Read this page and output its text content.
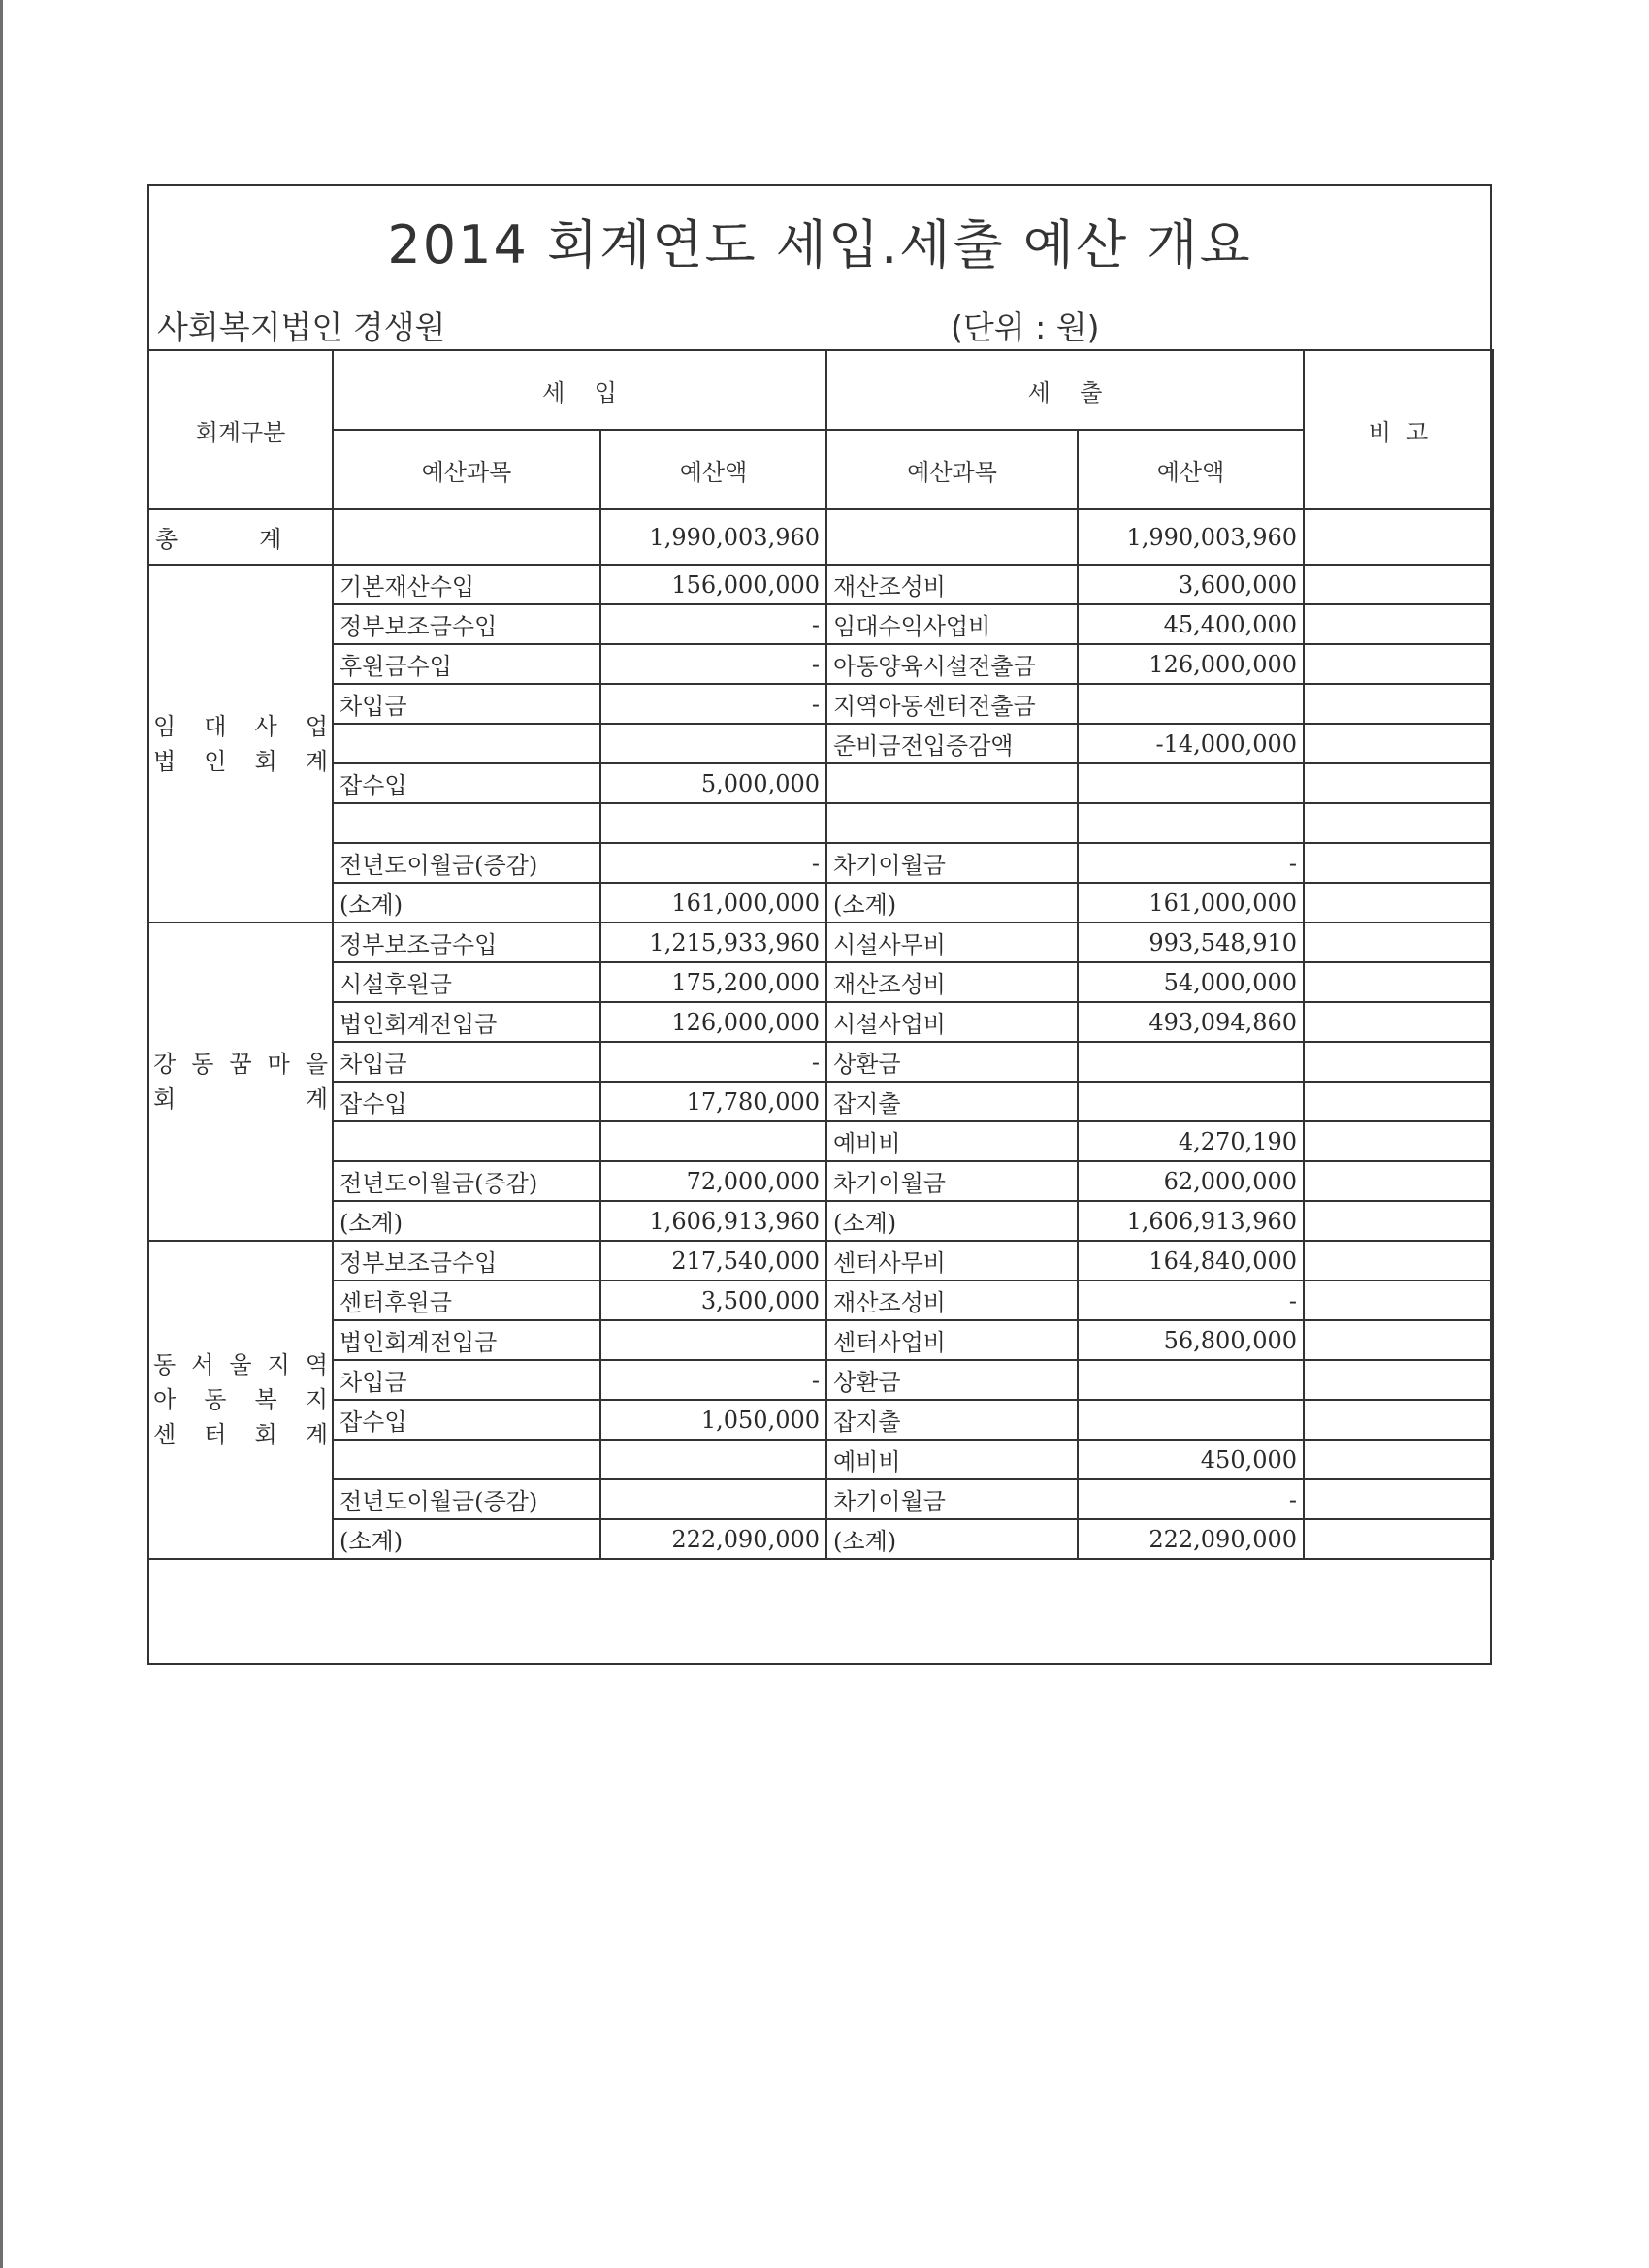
2014 회계연도 세입.세출 예산 개요
사회복지법인 경생원	(단위 : 원)
회계구분	세    입		세    출		비  고
	예산과목	예산액	예산과목	예산액	
총           계		1,990,003,960		1,990,003,960	

임 대 사 업
법 인 회 계	기본재산수입	156,000,000	재산조성비	3,600,000	
	정부보조금수입	-	임대수익사업비	45,400,000	
	후원금수입	-	아동양육시설전출금	126,000,000	
	차입금	-	지역아동센터전출금		
			준비금전입증감액	-14,000,000	
	잡수입	5,000,000			

	전년도이월금(증감)	-	차기이월금	-	
	(소계)	161,000,000	(소계)	161,000,000	

강 동 꿈 마 을
회 계	정부보조금수입	1,215,933,960	시설사무비	993,548,910	
	시설후원금	175,200,000	재산조성비	54,000,000	
	법인회계전입금	126,000,000	시설사업비	493,094,860	
	차입금	-	상환금		
	잡수입	17,780,000	잡지출		
			예비비	4,270,190	
	전년도이월금(증감)	72,000,000	차기이월금	62,000,000	
	(소계)	1,606,913,960	(소계)	1,606,913,960	

동 서 울 지 역
아 동 복 지
센 터 회 계	정부보조금수입	217,540,000	센터사무비	164,840,000	
	센터후원금	3,500,000	재산조성비	-	
	법인회계전입금		센터사업비	56,800,000	
	차입금	-	상환금		
	잡수입	1,050,000	잡지출		
			예비비	450,000	
	전년도이월금(증감)		차기이월금	-	
	(소계)	222,090,000	(소계)	222,090,000	
